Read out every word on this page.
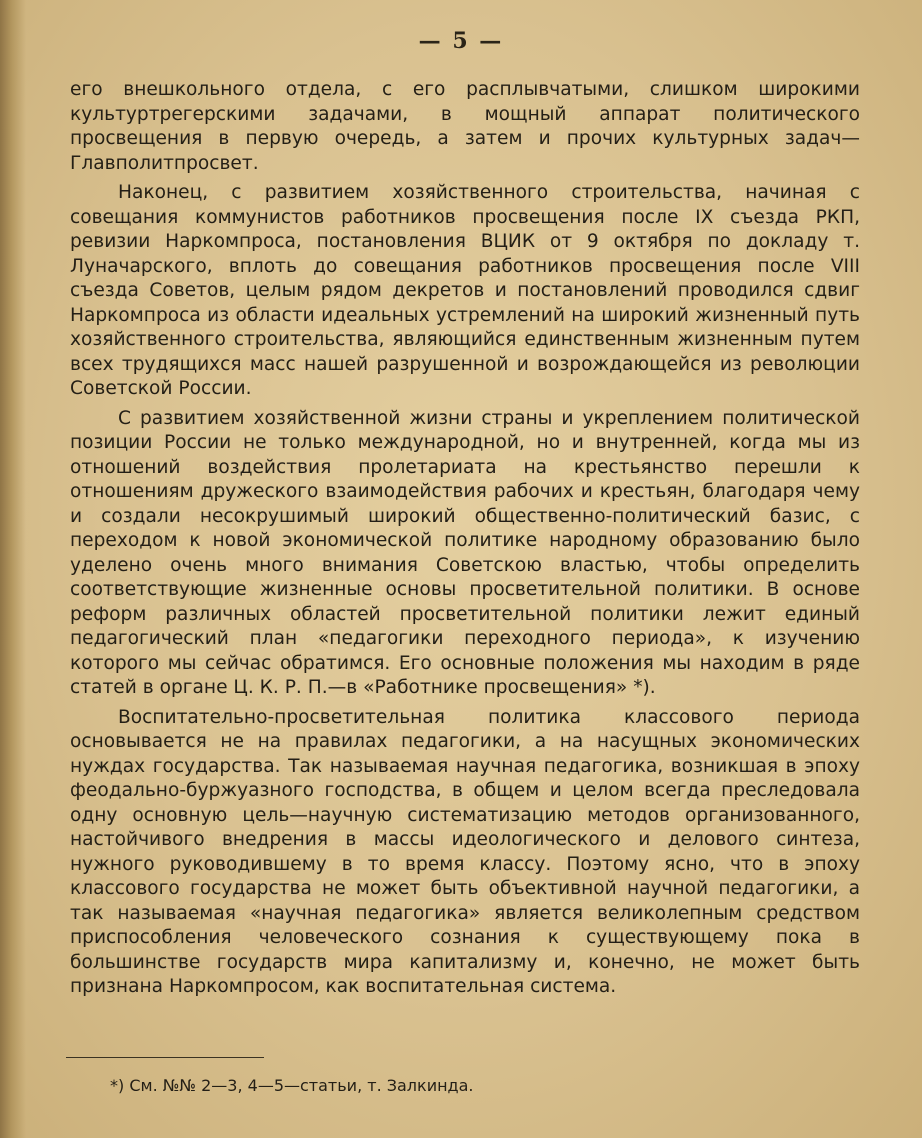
— 5 —

его внешкольного отдела, с его расплывчатыми, слишком широкими культуртрегерскими задачами, в мощный аппарат политического просвещения в первую очередь, а затем и прочих культурных задач—Главполитпросвет.

Наконец, с развитием хозяйственного строительства, начиная с совещания коммунистов работников просвещения после IX съезда РКП, ревизии Наркомпроса, постановления ВЦИК от 9 октября по докладу т. Луначарского, вплоть до совещания работников просвещения после VIII съезда Советов, целым рядом декретов и постановлений проводился сдвиг Наркомпроса из области идеальных устремлений на широкий жизненный путь хозяйственного строительства, являющийся единственным жизненным путем всех трудящихся масс нашей разрушенной и возрождающейся из революции Советской России.

С развитием хозяйственной жизни страны и укреплением политической позиции России не только международной, но и внутренней, когда мы из отношений воздействия пролетариата на крестьянство перешли к отношениям дружеского взаимодействия рабочих и крестьян, благодаря чему и создали несокрушимый широкий общественно-политический базис, с переходом к новой экономической политике народному образованию было уделено очень много внимания Советскою властью, чтобы определить соответствующие жизненные основы просветительной политики. В основе реформ различных областей просветительной политики лежит единый педагогический план «педагогики переходного периода», к изучению которого мы сейчас обратимся. Его основные положения мы находим в ряде статей в органе Ц. К. Р. П.—в «Работнике просвещения» *).

Воспитательно-просветительная политика классового периода основывается не на правилах педагогики, а на насущных экономических нуждах государства. Так называемая научная педагогика, возникшая в эпоху феодально-буржуазного господства, в общем и целом всегда преследовала одну основную цель—научную систематизацию методов организованного, настойчивого внедрения в массы идеологического и делового синтеза, нужного руководившему в то время классу. Поэтому ясно, что в эпоху классового государства не может быть объективной научной педагогики, а так называемая «научная педагогика» является великолепным средством приспособления человеческого сознания к существующему пока в большинстве государств мира капитализму и, конечно, не может быть признана Наркомпросом, как воспитательная система.

*) См. №№ 2—3, 4—5—статьи, т. Залкинда.
